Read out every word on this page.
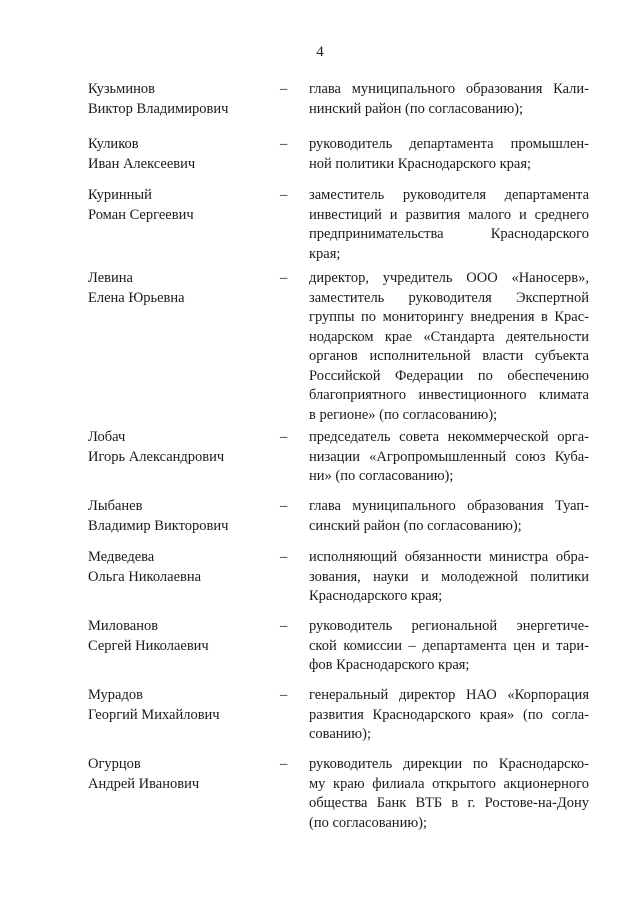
4
Кузьминов
Виктор Владимирович
– глава муниципального образования Кали-
нинский район (по согласованию);
Куликов
Иван Алексеевич
– руководитель департамента промышлен-
ной политики Краснодарского края;
Куринный
Роман Сергеевич
– заместитель руководителя департамента
инвестиций и развития малого и среднего
предпринимательства Краснодарского
края;
Левина
Елена Юрьевна
– директор, учредитель ООО «Наносерв»,
заместитель руководителя Экспертной
группы по мониторингу внедрения в Крас-
нодарском крае «Стандарта деятельности
органов исполнительной власти субъекта
Российской Федерации по обеспечению
благоприятного инвестиционного климата
в регионе» (по согласованию);
Лобач
Игорь Александрович
– председатель совета некоммерческой орга-
низации «Агропромышленный союз Куба-
ни» (по согласованию);
Лыбанев
Владимир Викторович
– глава муниципального образования Туап-
синский район (по согласованию);
Медведева
Ольга Николаевна
– исполняющий обязанности министра обра-
зования, науки и молодежной политики
Краснодарского края;
Милованов
Сергей Николаевич
– руководитель региональной энергетиче-
ской комиссии – департамента цен и тари-
фов Краснодарского края;
Мурадов
Георгий Михайлович
– генеральный директор НАО «Корпорация
развития Краснодарского края» (по согла-
сованию);
Огурцов
Андрей Иванович
– руководитель дирекции по Краснодарско-
му краю филиала открытого акционерного
общества Банк ВТБ в г. Ростове-на-Дону
(по согласованию);
